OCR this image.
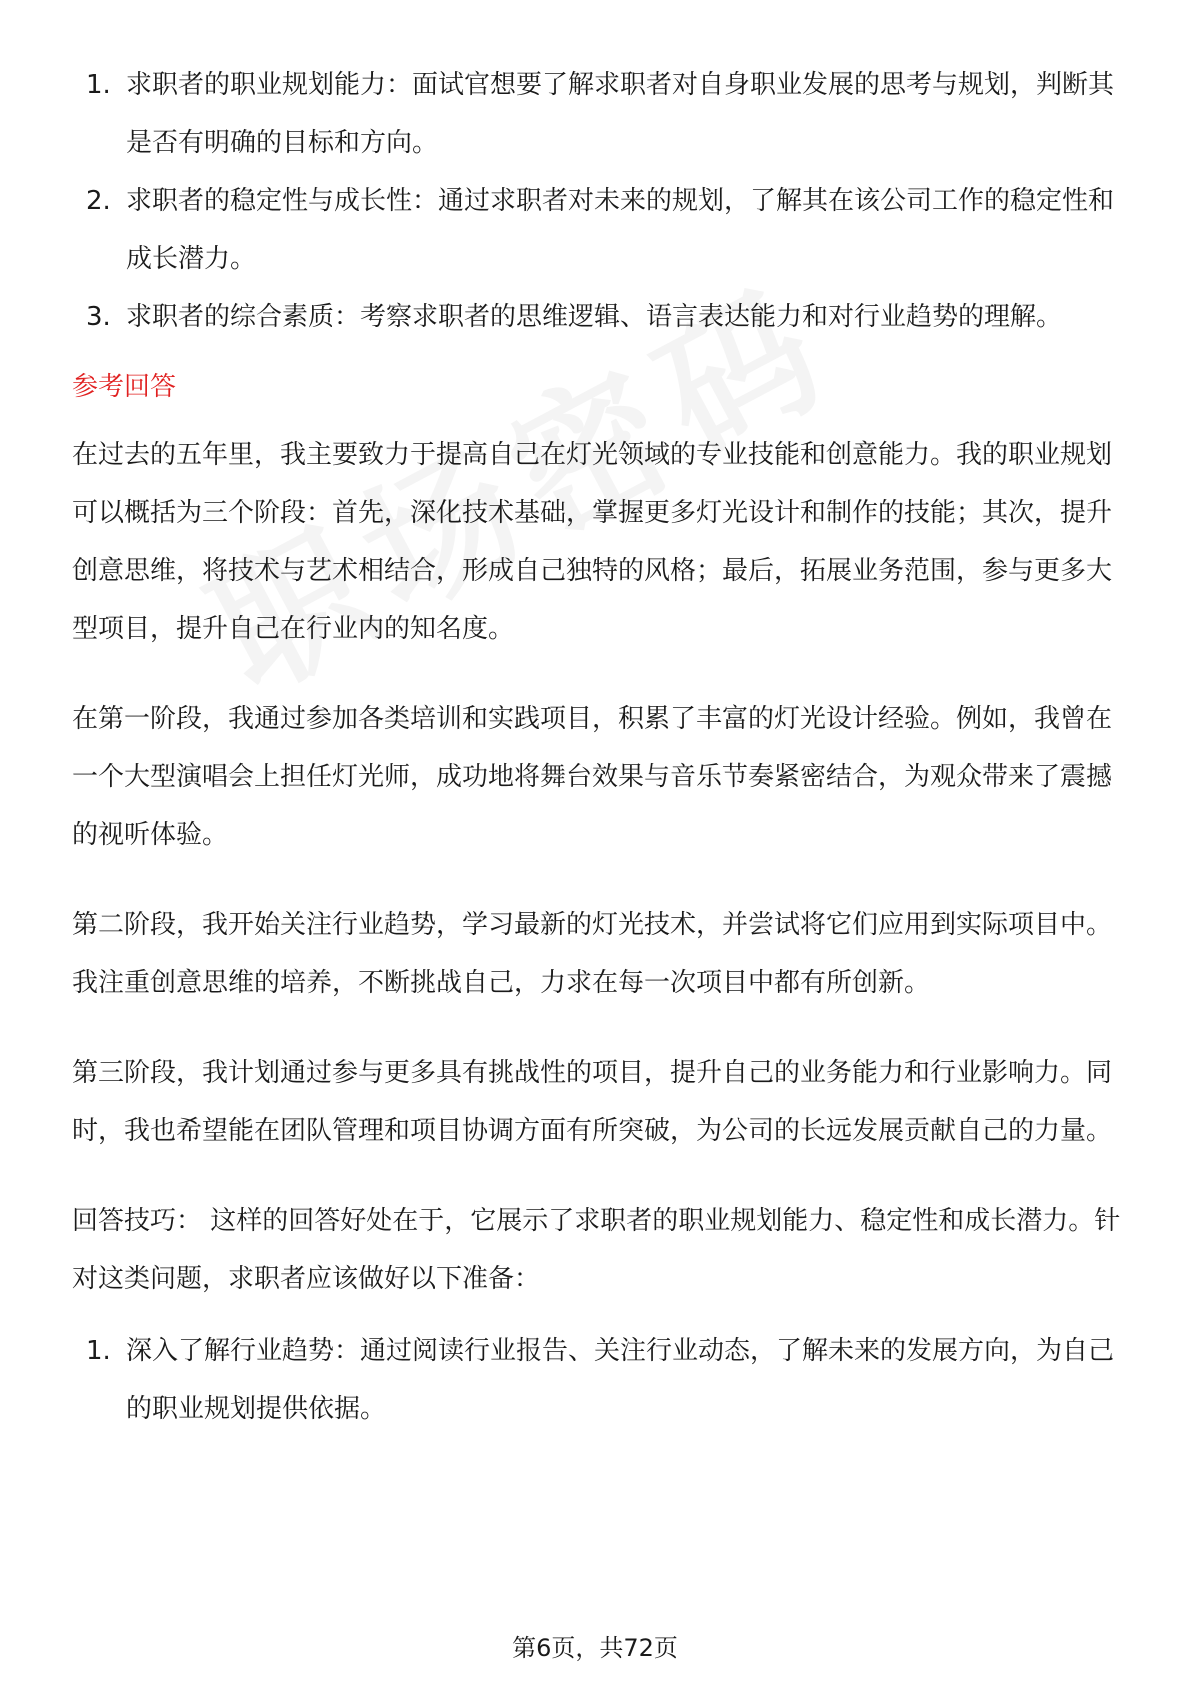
1. 求职者的职业规划能力：面试官想要了解求职者对自身职业发展的思考与规划，判断其是否有明确的目标和方向。
2. 求职者的稳定性与成长性：通过求职者对未来的规划，了解其在该公司工作的稳定性和成长潜力。
3. 求职者的综合素质：考察求职者的思维逻辑、语言表达能力和对行业趋势的理解。
参考回答

在过去的五年里，我主要致力于提高自己在灯光领域的专业技能和创意能力。我的职业规划可以概括为三个阶段：首先，深化技术基础，掌握更多灯光设计和制作的技能；其次，提升创意思维，将技术与艺术相结合，形成自己独特的风格；最后，拓展业务范围，参与更多大型项目，提升自己在行业内的知名度。

在第一阶段，我通过参加各类培训和实践项目，积累了丰富的灯光设计经验。例如，我曾在一个大型演唱会上担任灯光师，成功地将舞台效果与音乐节奏紧密结合，为观众带来了震撼的视听体验。

第二阶段，我开始关注行业趋势，学习最新的灯光技术，并尝试将它们应用到实际项目中。我注重创意思维的培养，不断挑战自己，力求在每一次项目中都有所创新。

第三阶段，我计划通过参与更多具有挑战性的项目，提升自己的业务能力和行业影响力。同时，我也希望能在团队管理和项目协调方面有所突破，为公司的长远发展贡献自己的力量。

回答技巧： 这样的回答好处在于，它展示了求职者的职业规划能力、稳定性和成长潜力。针对这类问题，求职者应该做好以下准备：

1. 深入了解行业趋势：通过阅读行业报告、关注行业动态，了解未来的发展方向，为自己的职业规划提供依据。
第6页，共72页
